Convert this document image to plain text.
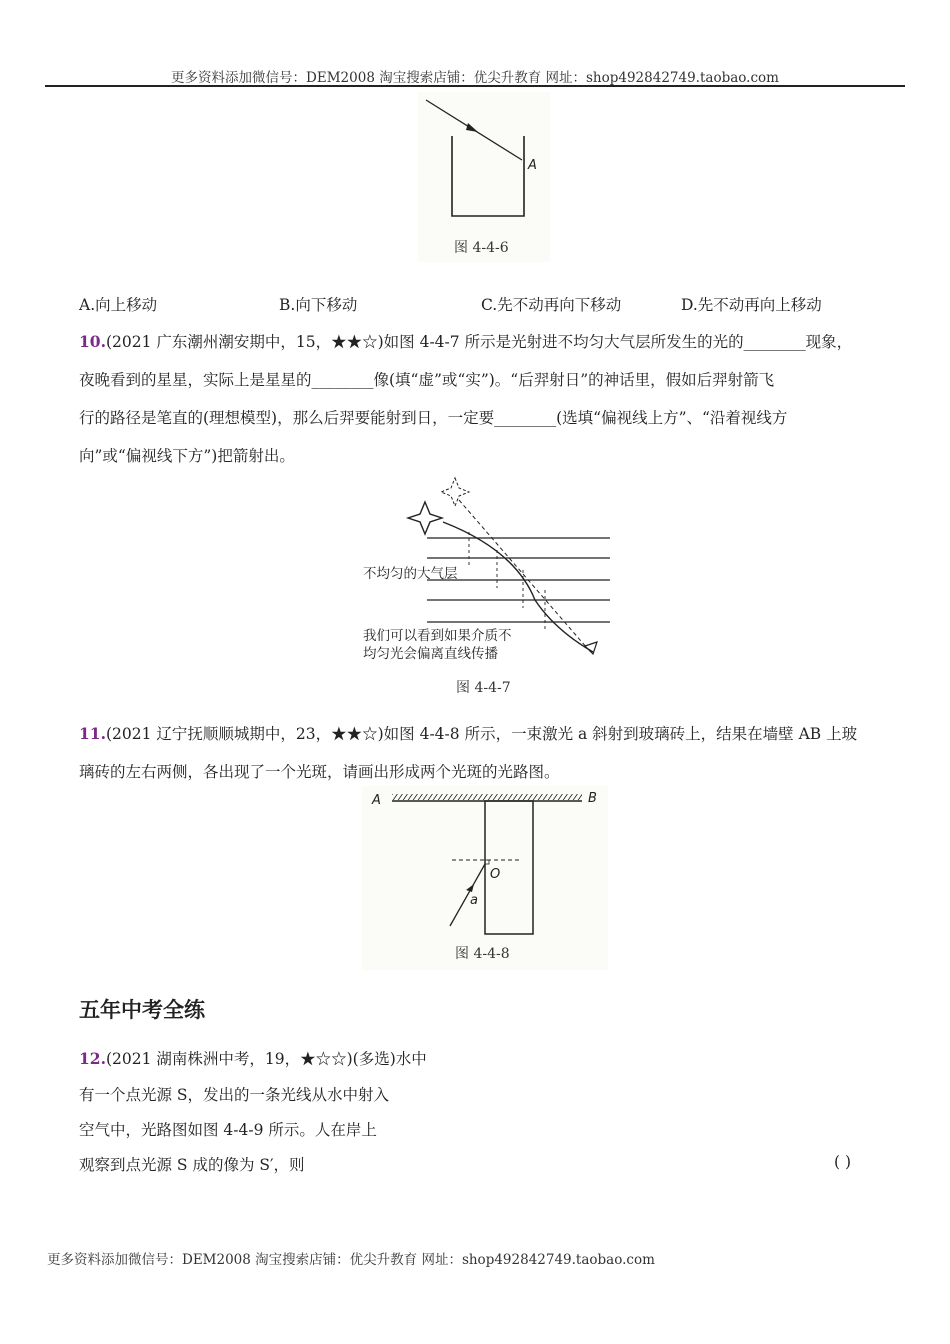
更多资料添加微信号：DEM2008 淘宝搜索店铺：优尖升教育 网址：shop492842749.taobao.com
A
图 4-4-6
A.向上移动	B.向下移动	C.先不动再向下移动	D.先不动再向上移动
10.(2021 广东潮州潮安期中，15，★★☆)如图 4-4-7 所示是光射进不均匀大气层所发生的光的________现象，
夜晚看到的星星，实际上是星星的________像(填“虚”或“实”)。“后羿射日”的神话里，假如后羿射箭飞
行的路径是笔直的(理想模型)，那么后羿要能射到日，一定要________(选填“偏视线上方”、“沿着视线方
向”或“偏视线下方”)把箭射出。
不均匀的大气层
我们可以看到如果介质不
均匀光会偏离直线传播
图 4-4-7
11.(2021 辽宁抚顺顺城期中，23，★★☆)如图 4-4-8 所示，一束激光 a 斜射到玻璃砖上，结果在墙壁 AB 上玻
璃砖的左右两侧，各出现了一个光斑，请画出形成两个光斑的光路图。
A	B
O
a
图 4-4-8
五年中考全练
12.(2021 湖南株洲中考，19，★☆☆)(多选)水中
有一个点光源 S，发出的一条光线从水中射入
空气中，光路图如图 4-4-9 所示。人在岸上
观察到点光源 S 成的像为 S′，则	( )
更多资料添加微信号：DEM2008 淘宝搜索店铺：优尖升教育 网址：shop492842749.taobao.com
